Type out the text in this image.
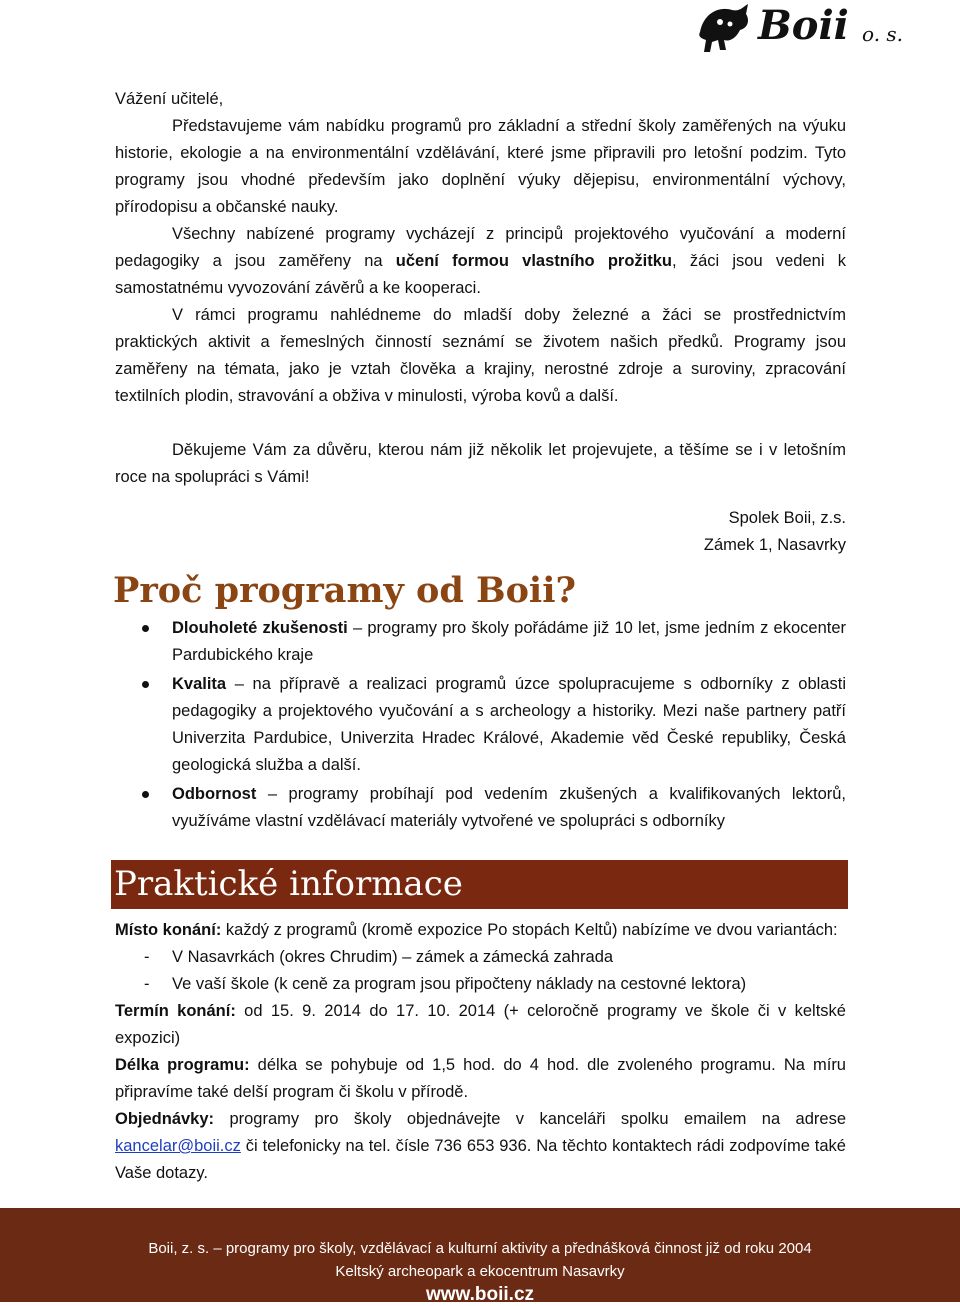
Boii o. s.

Vážení učitelé,

Představujeme vám nabídku programů pro základní a střední školy zaměřených na výuku historie, ekologie a na environmentální vzdělávání, které jsme připravili pro letošní podzim. Tyto programy jsou vhodné především jako doplnění výuky dějepisu, environmentální výchovy, přírodopisu a občanské nauky.

Všechny nabízené programy vycházejí z principů projektového vyučování a moderní pedagogiky a jsou zaměřeny na učení formou vlastního prožitku, žáci jsou vedeni k samostatnému vyvozování závěrů a ke kooperaci.

V rámci programu nahlédneme do mladší doby železné a žáci se prostřednictvím praktických aktivit a řemeslných činností seznámí se životem našich předků. Programy jsou zaměřeny na témata, jako je vztah člověka a krajiny, nerostné zdroje a suroviny, zpracování textilních plodin, stravování a obživa v minulosti, výroba kovů a další.

Děkujeme Vám za důvěru, kterou nám již několik let projevujete, a těšíme se i v letošním roce na spolupráci s Vámi!

Spolek Boii, z.s.

Zámek 1, Nasavrky

Proč programy od Boii?
Dlouholeté zkušenosti – programy pro školy pořádáme již 10 let, jsme jedním z ekocenter Pardubického kraje
Kvalita – na přípravě a realizaci programů úzce spolupracujeme s odborníky z oblasti pedagogiky a projektového vyučování a s archeology a historiky. Mezi naše partnery patří Univerzita Pardubice, Univerzita Hradec Králové, Akademie věd České republiky, Česká geologická služba a další.
Odbornost – programy probíhají pod vedením zkušených a kvalifikovaných lektorů, využíváme vlastní vzdělávací materiály vytvořené ve spolupráci s odborníky
Praktické informace

Místo konání: každý z programů (kromě expozice Po stopách Keltů) nabízíme ve dvou variantách:

- V Nasavrkách (okres Chrudim) – zámek a zámecká zahrada
- Ve vaší škole (k ceně za program jsou připočteny náklady na cestovné lektora)

Termín konání: od 15. 9. 2014 do 17. 10. 2014 (+ celoročně programy ve škole či v keltské expozici)

Délka programu: délka se pohybuje od 1,5 hod. do 4 hod. dle zvoleného programu. Na míru připravíme také delší program či školu v přírodě.

Objednávky: programy pro školy objednávejte v kanceláři spolku emailem na adrese kancelar@boii.cz či telefonicky na tel. čísle 736 653 936. Na těchto kontaktech rádi zodpovíme také Vaše dotazy.

Boii, z. s. – programy pro školy, vzdělávací a kulturní aktivity a přednášková činnost již od roku 2004
Keltský archeopark a ekocentrum Nasavrky
www.boii.cz
